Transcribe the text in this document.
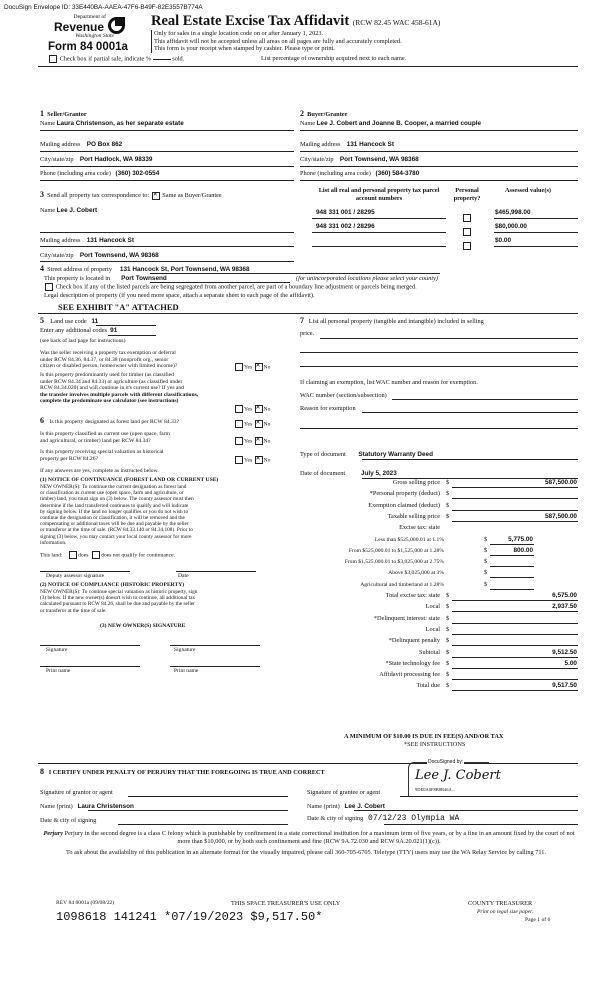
DocuSign Envelope ID: 33E440BA-AAEA-47F6-B49F-82E3557B774A
Department of
Revenue
Washington State
Real Estate Excise Tax Affidavit (RCW 82.45 WAC 458-61A)
Only for sales in a single location code on or after January 1, 2023.
This affidavit will not be accepted unless all areas on all pages are fully and accurately completed.
This form is your receipt when stamped by cashier. Please type or print.
Form 84 0001a
Check box if partial sale, indicate %	sold.	List percentage of ownership acquired next to each name.
1 Seller/Grantor
Name Laura Christenson, as her separate estate
Mailing address PO Box 862
City/state/zip Port Hadlock, WA 98339
Phone (including area code) (360) 302-0554
2 Buyer/Grantee
Name Lee J. Cobert and Joanne B. Cooper, a married couple
Mailing address 131 Hancock St
City/state/zip Port Townsend, WA 98368
Phone (including area code) (360) 584-3780
3 Send all property tax correspondence to: ✕ Same as Buyer/Grantee
Name Lee J. Cobert
Mailing address 131 Hancock St
City/state/zip Port Townsend, WA 98368
List all real and personal property tax parcel account numbers
Personal property?
Assessed value(s)
948 331 001 / 28295	$465,998.00
948 331 002 / 28296	$80,000.00
$0.00
4 Street address of property 131 Hancock St, Port Townsend, WA 98368
This property is located in Port Townsend	(for unincorporated locations please select your county)
Check box if any of the listed parcels are being segregated from another parcel, are part of a boundary line adjustment or parcels being merged.
Legal description of property (if you need more space, attach a separate sheet to each page of the affidavit).
SEE EXHIBIT "A" ATTACHED
5 Land use code 11
Enter any additional codes 91
(see back of last page for instructions)
Was the seller receiving a property tax exemption or deferral
under RCW 84.36, 84.37, or 84.38 (nonprofit org., senior
citizen or disabled person, homeowner with limited income)?	Yes ✕ No
Is this property predominantly used for timber (as classified
under RCW 84.34 and 84.33) or agriculture (as classified under
RCW 84.34.020) and will continue in it's current use? If yes and
the transfer involves multiple parcels with different classifications,
complete the predominate use calculator (see instructions)
Yes ✕ No
6 Is this property designated as forest land per RCW 84.33?	Yes ✕ No
Is this property classified as current use (open space, farm
and agricultural, or timber) land per RCW 84.34?	Yes ✕ No
Is this property receiving special valuation as historical
property per RCW 84.26?	Yes ✕ No
If any answers are yes, complete as instructed below.
(1) NOTICE OF CONTINUANCE (FOREST LAND OR CURRENT USE)
NEW OWNER(S): To continue the current designation as forest land
or classification as current use (open space, farm and agriculture, or
timber) land, you must sign on (3) below. The county assessor must then
determine if the land transferred continues to qualify and will indicate
by signing below. If the land no longer qualifies or you do not wish to
continue the designation or classification, it will be removed and the
compensating or additional taxes will be due and payable by the seller
or transferor at the time of sale. (RCW 84.33.140 or 84.34.108). Prior to
signing (3) below, you may contact your local county assessor for more
information.
This land:	does does not qualify for continuance.
Deputy assessor signature	Date
(2) NOTICE OF COMPLIANCE (HISTORIC PROPERTY)
NEW OWNER(S): To continue special valuation as historic property, sign
(3) below. If the new owner(s) doesn't wish to continue, all additional tax
calculated pursuant to RCW 84.26, shall be due and payable by the seller
or transferor at the time of sale.
(3) NEW OWNER(S) SIGNATURE
Signature	Signature
Print name	Print name
7 List all personal property (tangible and intangible) included in selling
price.
If claiming an exemption, list WAC number and reason for exemption.
WAC number (section/subsection)
Reason for exemption
Type of document Statutory Warranty Deed
Date of document July 5, 2023
Gross selling price $	587,500.00
*Personal property (deduct) $
Exemption claimed (deduct) $
Taxable selling price $	587,500.00
Excise tax: state
Less than $525,000.01 at 1.1%	$	5,775.00
From $525,000.01 to $1,525,000 at 1.28%	$	800.00
From $1,525,000.01 to $3,025,000 at 2.75%	$
Above $3,025,000 at 3%	$
Agricultural and timberland at 1.28%	$
Total excise tax: state $	6,575.00
Local $	2,937.50
*Delinquent interest: state $
Local $
*Delinquent penalty $
Subtotal $	9,512.50
*State technology fee $	5.00
Affidavit processing fee $
Total due $	9,517.50
A MINIMUM OF $10.00 IS DUE IN FEE(S) AND/OR TAX
*SEE INSTRUCTIONS
8 I CERTIFY UNDER PENALTY OF PERJURY THAT THE FOREGOING IS TRUE AND CORRECT
DocuSigned by:
Lee J. Cobert
9DE0A0F8B8B46A...
Signature of grantor or agent	Signature of grantee or agent
Name (print) Laura Christenson	Name (print) Lee J. Cobert
Date & city of signing	Date & city of signing 07/12/23 Olympia WA
Perjury Perjury in the second degree is a class C felony which is punishable by confinement in a state correctional institution for a maximum term of five years, or by a fine in an amount fixed by the court of not more than $10,000, or by both such confinement and fine (RCW 9A.72.030 and RCW 9A.20.021(1)(c)).
To ask about the availability of this publication in an alternate format for the visually impaired, please call 360-705-6705. Teletype (TTY) users may use the WA Relay Service by calling 711.
REV 84 0001a (09/08/22)	THIS SPACE TREASURER'S USE ONLY	COUNTY TREASURER
Print on legal size paper.
Page 1 of 6
1098618 141241 *07/19/2023 $9,517.50*
